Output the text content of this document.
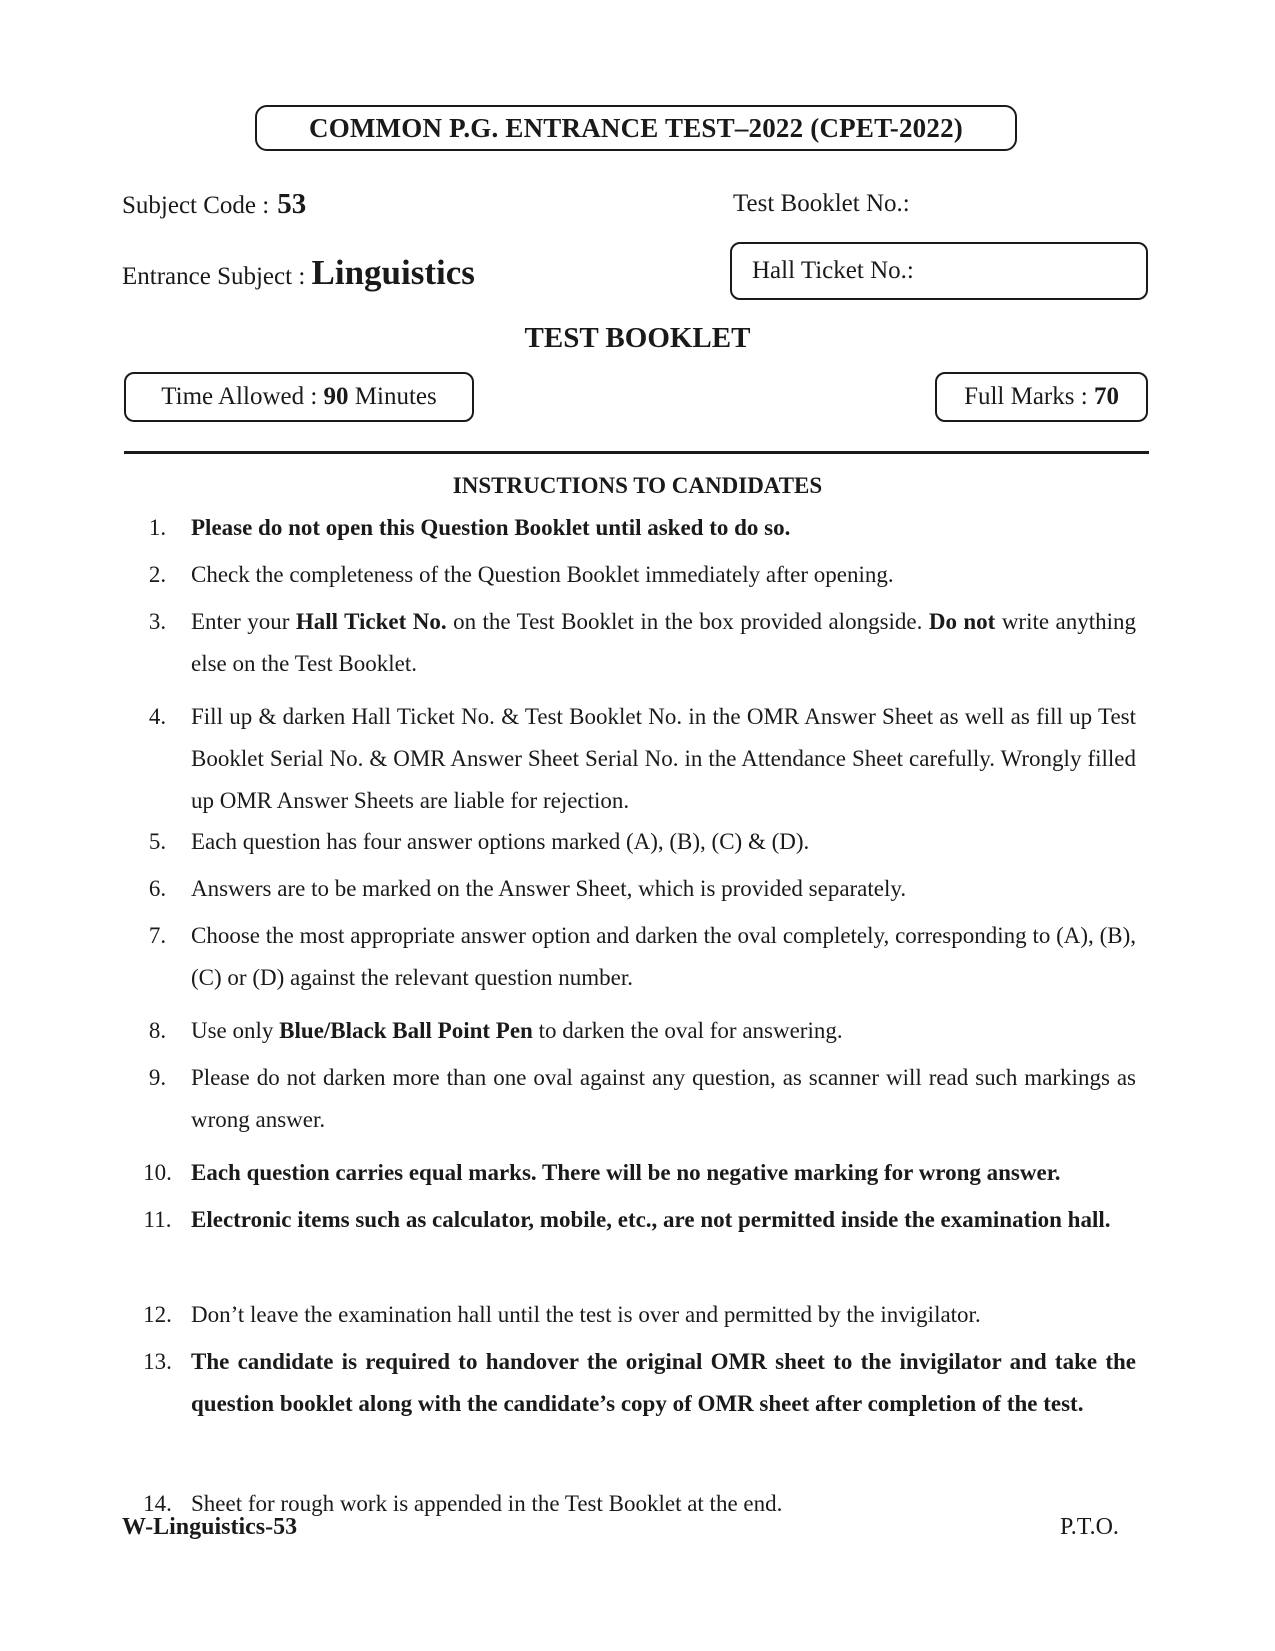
COMMON P.G. ENTRANCE TEST–2022 (CPET-2022)
Subject Code : 53	Test Booklet No.:
Entrance Subject : Linguistics	Hall Ticket No.:
TEST BOOKLET
Time Allowed :
90
Minutes	Full Marks :
70
INSTRUCTIONS TO CANDIDATES
1.	Please do not open this Question Booklet until asked to do so.
2.	Check the completeness of the Question Booklet immediately after opening.
3.	Enter your Hall Ticket No. on the Test Booklet in the box provided alongside. Do not write anything else on the Test Booklet.
4.	Fill up & darken Hall Ticket No. & Test Booklet No. in the OMR Answer Sheet as well as fill up Test Booklet Serial No. & OMR Answer Sheet Serial No. in the Attendance Sheet carefully. Wrongly filled up OMR Answer Sheets are liable for rejection.
5.	Each question has four answer options marked (A), (B), (C) & (D).
6.	Answers are to be marked on the Answer Sheet, which is provided separately.
7.	Choose the most appropriate answer option and darken the oval completely, corresponding to (A), (B), (C) or (D) against the relevant question number.
8.	Use only Blue/Black Ball Point Pen to darken the oval for answering.
9.	Please do not darken more than one oval against any question, as scanner will read such markings as wrong answer.
10. Each question carries equal marks. There will be no negative marking for wrong answer.
11. Electronic items such as calculator, mobile, etc., are not permitted inside the examination hall.
12. Don’t leave the examination hall until the test is over and permitted by the invigilator.
13. The candidate is required to handover the original OMR sheet to the invigilator and take the question booklet along with the candidate’s copy of OMR sheet after completion of the test.
14. Sheet for rough work is appended in the Test Booklet at the end.
W-Linguistics-53	P.T.O.
